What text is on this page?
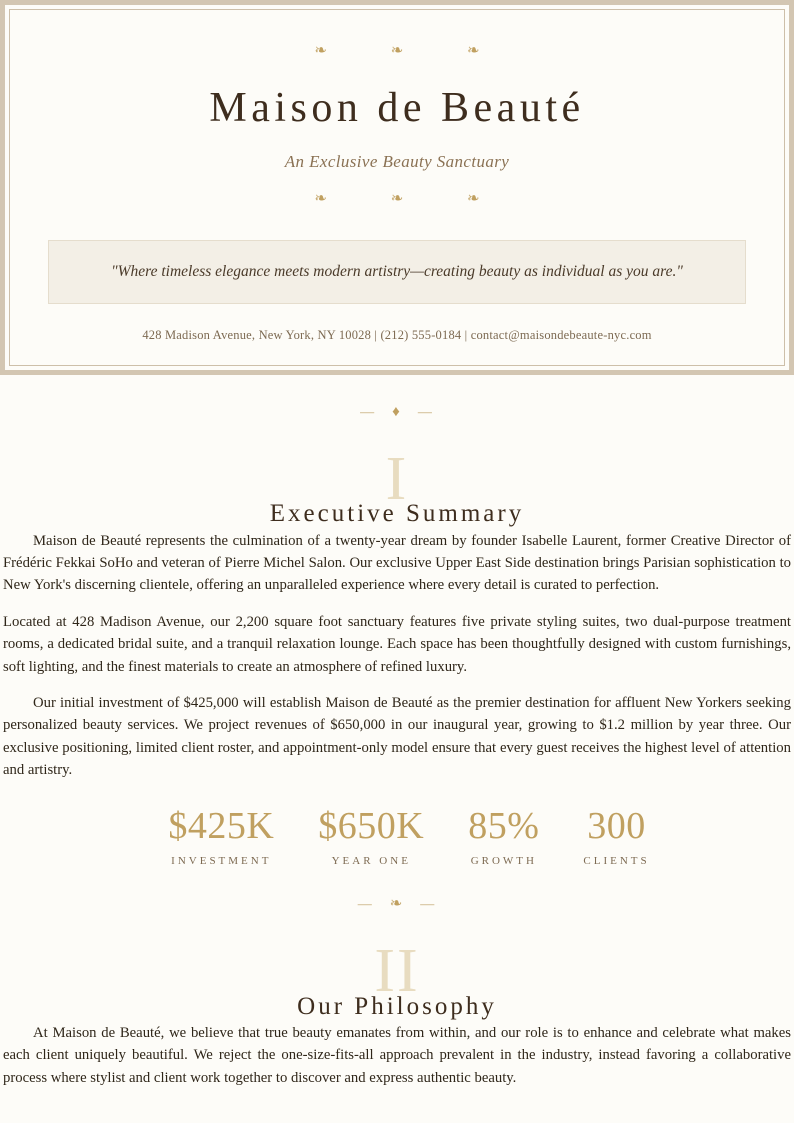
❧ ❧ ❧
Maison de Beauté

An Exclusive Beauty Sanctuary

❧ ❧ ❧

"Where timeless elegance meets modern artistry—creating beauty as individual as you are."

428 Madison Avenue, New York, NY 10028 | (212) 555-0184 | contact@maisondebeaute-nyc.com
— ♦ —
I
Executive Summary

Maison de Beauté represents the culmination of a twenty-year dream by founder Isabelle Laurent, former Creative Director of Frédéric Fekkai SoHo and veteran of Pierre Michel Salon. Our exclusive Upper East Side destination brings Parisian sophistication to New York's discerning clientele, offering an unparalleled experience where every detail is curated to perfection.

Located at 428 Madison Avenue, our 2,200 square foot sanctuary features five private styling suites, two dual-purpose treatment rooms, a dedicated bridal suite, and a tranquil relaxation lounge. Each space has been thoughtfully designed with custom furnishings, soft lighting, and the finest materials to create an atmosphere of refined luxury.

Our initial investment of $425,000 will establish Maison de Beauté as the premier destination for affluent New Yorkers seeking personalized beauty services. We project revenues of $650,000 in our inaugural year, growing to $1.2 million by year three. Our exclusive positioning, limited client roster, and appointment-only model ensure that every guest receives the highest level of attention and artistry.

$425K
INVESTMENT
$650K
YEAR ONE
85%
GROWTH
300
CLIENTS
— ❧ —
II
Our Philosophy

At Maison de Beauté, we believe that true beauty emanates from within, and our role is to enhance and celebrate what makes each client uniquely beautiful. We reject the one-size-fits-all approach prevalent in the industry, instead favoring a collaborative process where stylist and client work together to discover and express authentic beauty.
